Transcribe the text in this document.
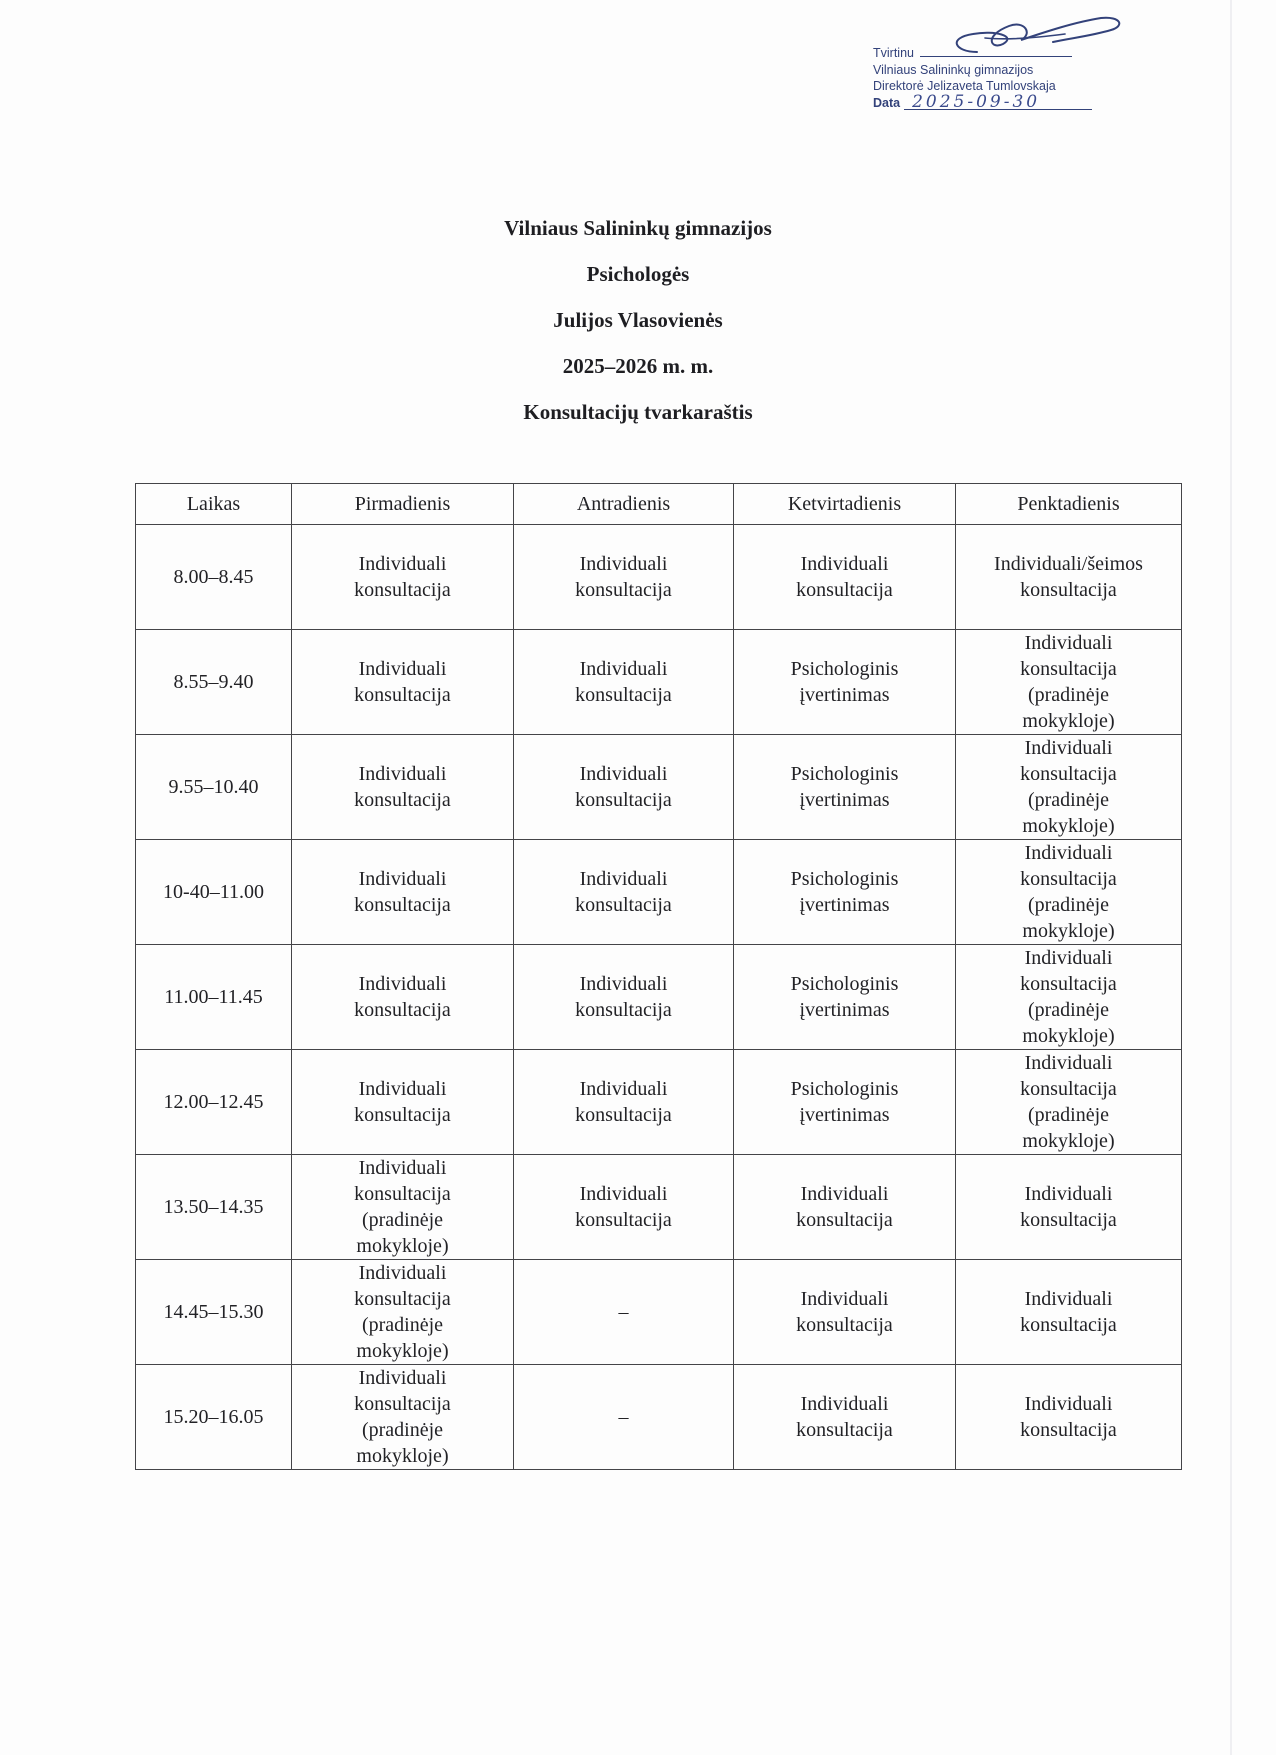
Tvirtinu
Vilniaus Salininkų gimnazijos
Direktorė Jelizaveta Tumlovskaja
Data 2025-09-30
Vilniaus Salininkų gimnazijos
Psichologės
Julijos Vlasovienės
2025–2026 m. m.
Konsultacijų tvarkaraštis
Laikas	Pirmadienis	Antradienis	Ketvirtadienis	Penktadienis

8.00–8.45	Individuali
konsultacija	Individuali
konsultacija	Individuali
konsultacija	Individuali/šeimos
konsultacija

8.55–9.40	Individuali
konsultacija	Individuali
konsultacija	Psichologinis
įvertinimas	Individuali
konsultacija
(pradinėje
mokykloje)

9.55–10.40	Individuali
konsultacija	Individuali
konsultacija	Psichologinis
įvertinimas	Individuali
konsultacija
(pradinėje
mokykloje)

10-40–11.00	Individuali
konsultacija	Individuali
konsultacija	Psichologinis
įvertinimas	Individuali
konsultacija
(pradinėje
mokykloje)

11.00–11.45	Individuali
konsultacija	Individuali
konsultacija	Psichologinis
įvertinimas	Individuali
konsultacija
(pradinėje
mokykloje)

12.00–12.45	Individuali
konsultacija	Individuali
konsultacija	Psichologinis
įvertinimas	Individuali
konsultacija
(pradinėje
mokykloje)

13.50–14.35	Individuali
konsultacija
(pradinėje
mokykloje)	Individuali
konsultacija	Individuali
konsultacija	Individuali
konsultacija

14.45–15.30	Individuali
konsultacija
(pradinėje
mokykloje)	–	Individuali
konsultacija	Individuali
konsultacija

15.20–16.05	Individuali
konsultacija
(pradinėje
mokykloje)	–	Individuali
konsultacija	Individuali
konsultacija
